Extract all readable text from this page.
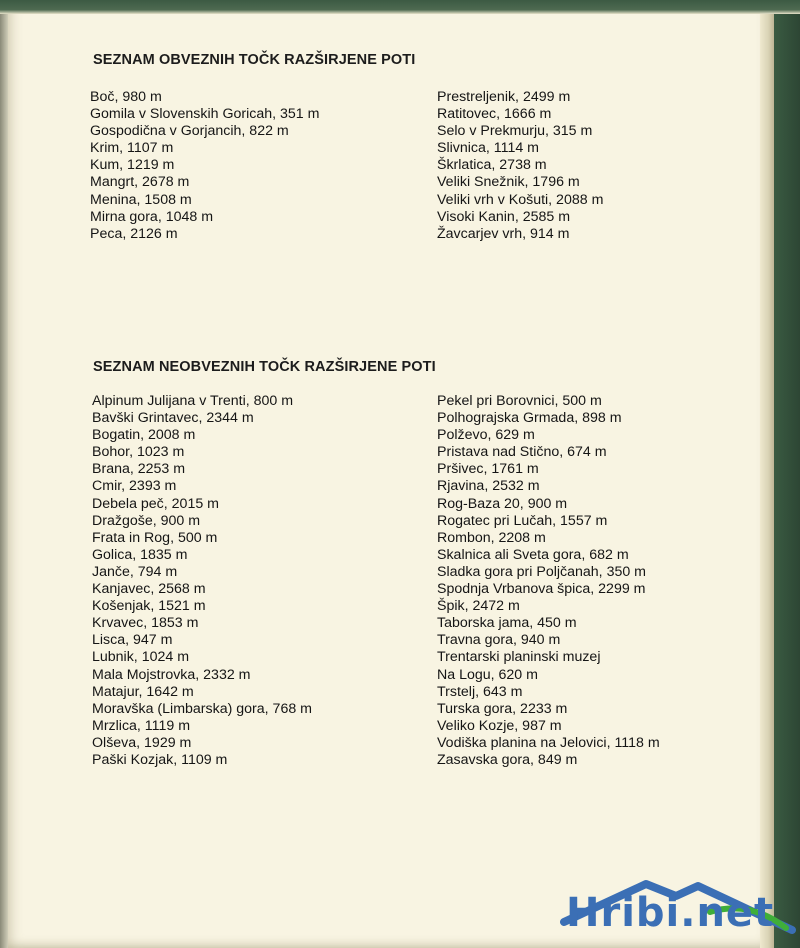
SEZNAM OBVEZNIH TOČK RAZŠIRJENE POTI
Boč, 980 m
Gomila v Slovenskih Goricah, 351 m
Gospodična v Gorjancih, 822 m
Krim, 1107 m
Kum, 1219 m
Mangrt, 2678 m
Menina, 1508 m
Mirna gora, 1048 m
Peca, 2126 m
Prestreljenik, 2499 m
Ratitovec, 1666 m
Selo v Prekmurju, 315 m
Slivnica, 1114 m
Škrlatica, 2738 m
Veliki Snežnik, 1796 m
Veliki vrh v Košuti, 2088 m
Visoki Kanin, 2585 m
Žavcarjev vrh, 914 m
SEZNAM NEOBVEZNIH TOČK RAZŠIRJENE POTI
Alpinum Julijana v Trenti, 800 m
Bavški Grintavec, 2344 m
Bogatin, 2008 m
Bohor, 1023 m
Brana, 2253 m
Cmir, 2393 m
Debela peč, 2015 m
Dražgoše, 900 m
Frata in Rog, 500 m
Golica, 1835 m
Janče, 794 m
Kanjavec, 2568 m
Košenjak, 1521 m
Krvavec, 1853 m
Lisca, 947 m
Lubnik, 1024 m
Mala Mojstrovka, 2332 m
Matajur, 1642 m
Moravška (Limbarska) gora, 768 m
Mrzlica, 1119 m
Olševa, 1929 m
Paški Kozjak, 1109 m
Pekel pri Borovnici, 500 m
Polhograjska Grmada, 898 m
Polževo, 629 m
Pristava nad Stično, 674 m
Pršivec, 1761 m
Rjavina, 2532 m
Rog-Baza 20, 900 m
Rogatec pri Lučah, 1557 m
Rombon, 2208 m
Skalnica ali Sveta gora, 682 m
Sladka gora pri Poljčanah, 350 m
Spodnja Vrbanova špica, 2299 m
Špik, 2472 m
Taborska jama, 450 m
Travna gora, 940 m
Trentarski planinski muzej
Na Logu, 620 m
Trstelj, 643 m
Turska gora, 2233 m
Veliko Kozje, 987 m
Vodiška planina na Jelovici, 1118 m
Zasavska gora, 849 m
Hribi.net
